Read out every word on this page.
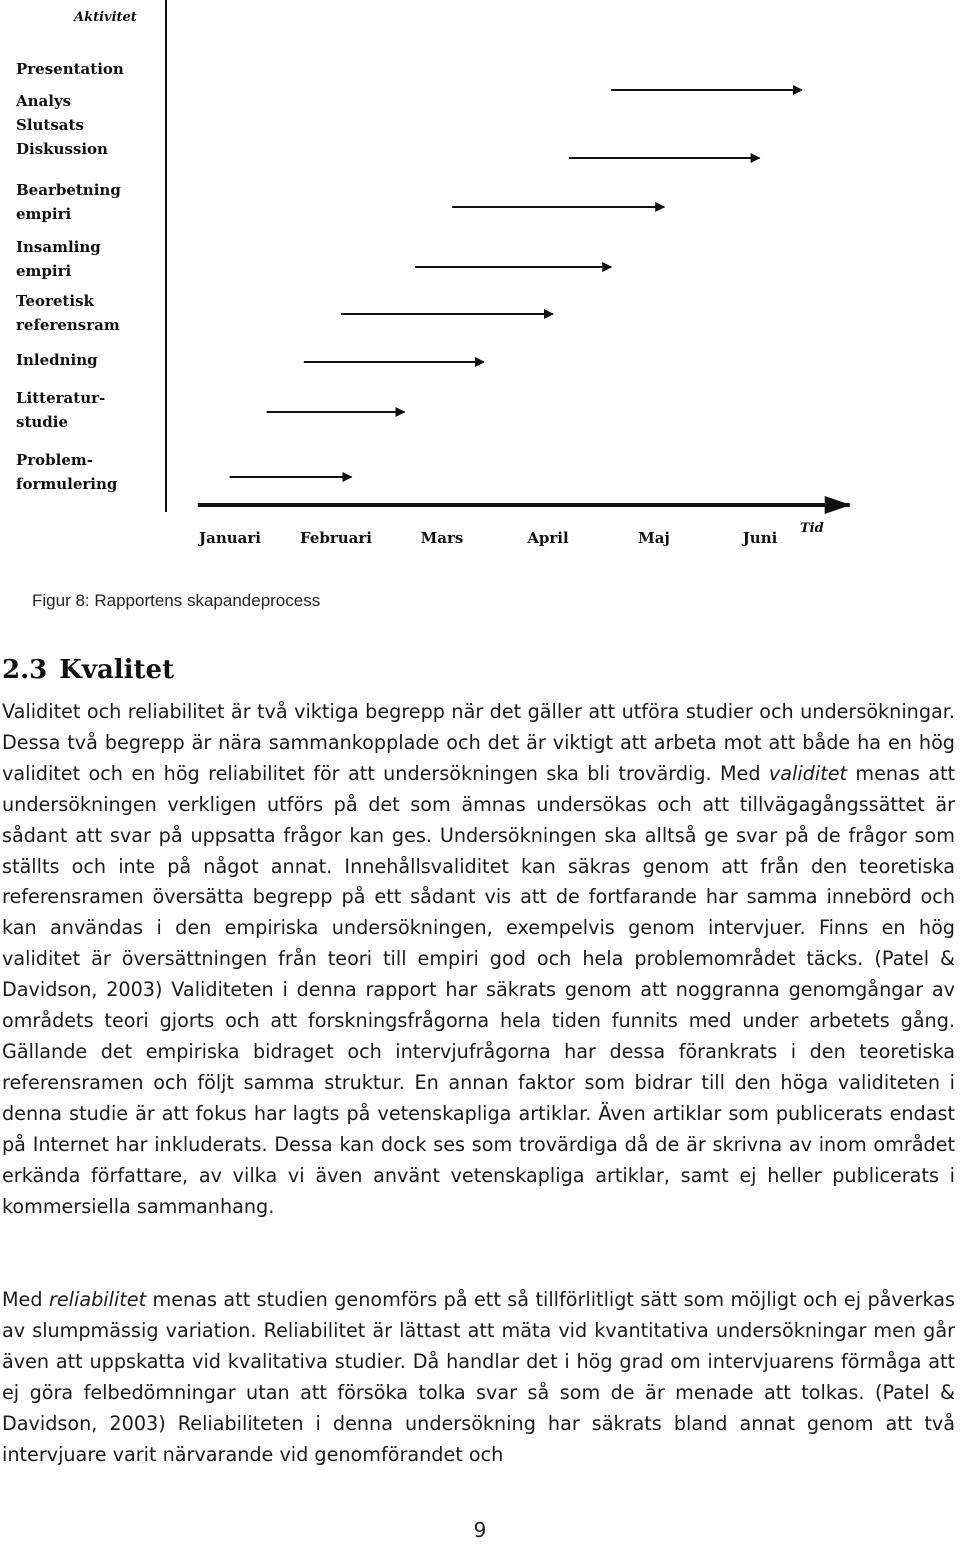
Aktivitet
Presentation
Analys
Slutsats
Diskussion
Bearbetning
empiri
Insamling
empiri
Teoretisk
referensram
Inledning
Litteratur-
studie
Problem-
formulering
Januari	Februari	Mars	April	Maj	Juni
Tid

Figur 8: Rapportens skapandeprocess

2.3 Kvalitet

Validitet och reliabilitet är två viktiga begrepp när det gäller att utföra studier och undersökningar. Dessa två begrepp är nära sammankopplade och det är viktigt att arbeta mot att både ha en hög validitet och en hög reliabilitet för att undersökningen ska bli trovärdig. Med validitet menas att undersökningen verkligen utförs på det som ämnas undersökas och att tillvägagångssättet är sådant att svar på uppsatta frågor kan ges. Undersökningen ska alltså ge svar på de frågor som ställts och inte på något annat. Innehållsvaliditet kan säkras genom att från den teoretiska referensramen översätta begrepp på ett sådant vis att de fortfarande har samma innebörd och kan användas i den empiriska undersökningen, exempelvis genom intervjuer. Finns en hög validitet är översättningen från teori till empiri god och hela problemområdet täcks. (Patel & Davidson, 2003) Validiteten i denna rapport har säkrats genom att noggranna genomgångar av områdets teori gjorts och att forskningsfrågorna hela tiden funnits med under arbetets gång. Gällande det empiriska bidraget och intervjufrågorna har dessa förankrats i den teoretiska referensramen och följt samma struktur. En annan faktor som bidrar till den höga validiteten i denna studie är att fokus har lagts på vetenskapliga artiklar. Även artiklar som publicerats endast på Internet har inkluderats. Dessa kan dock ses som trovärdiga då de är skrivna av inom området erkända författare, av vilka vi även använt vetenskapliga artiklar, samt ej heller publicerats i kommersiella sammanhang.

Med reliabilitet menas att studien genomförs på ett så tillförlitligt sätt som möjligt och ej påverkas av slumpmässig variation. Reliabilitet är lättast att mäta vid kvantitativa undersökningar men går även att uppskatta vid kvalitativa studier. Då handlar det i hög grad om intervjuarens förmåga att ej göra felbedömningar utan att försöka tolka svar så som de är menade att tolkas. (Patel & Davidson, 2003) Reliabiliteten i denna undersökning har säkrats bland annat genom att två intervjuare varit närvarande vid genomförandet och

9
